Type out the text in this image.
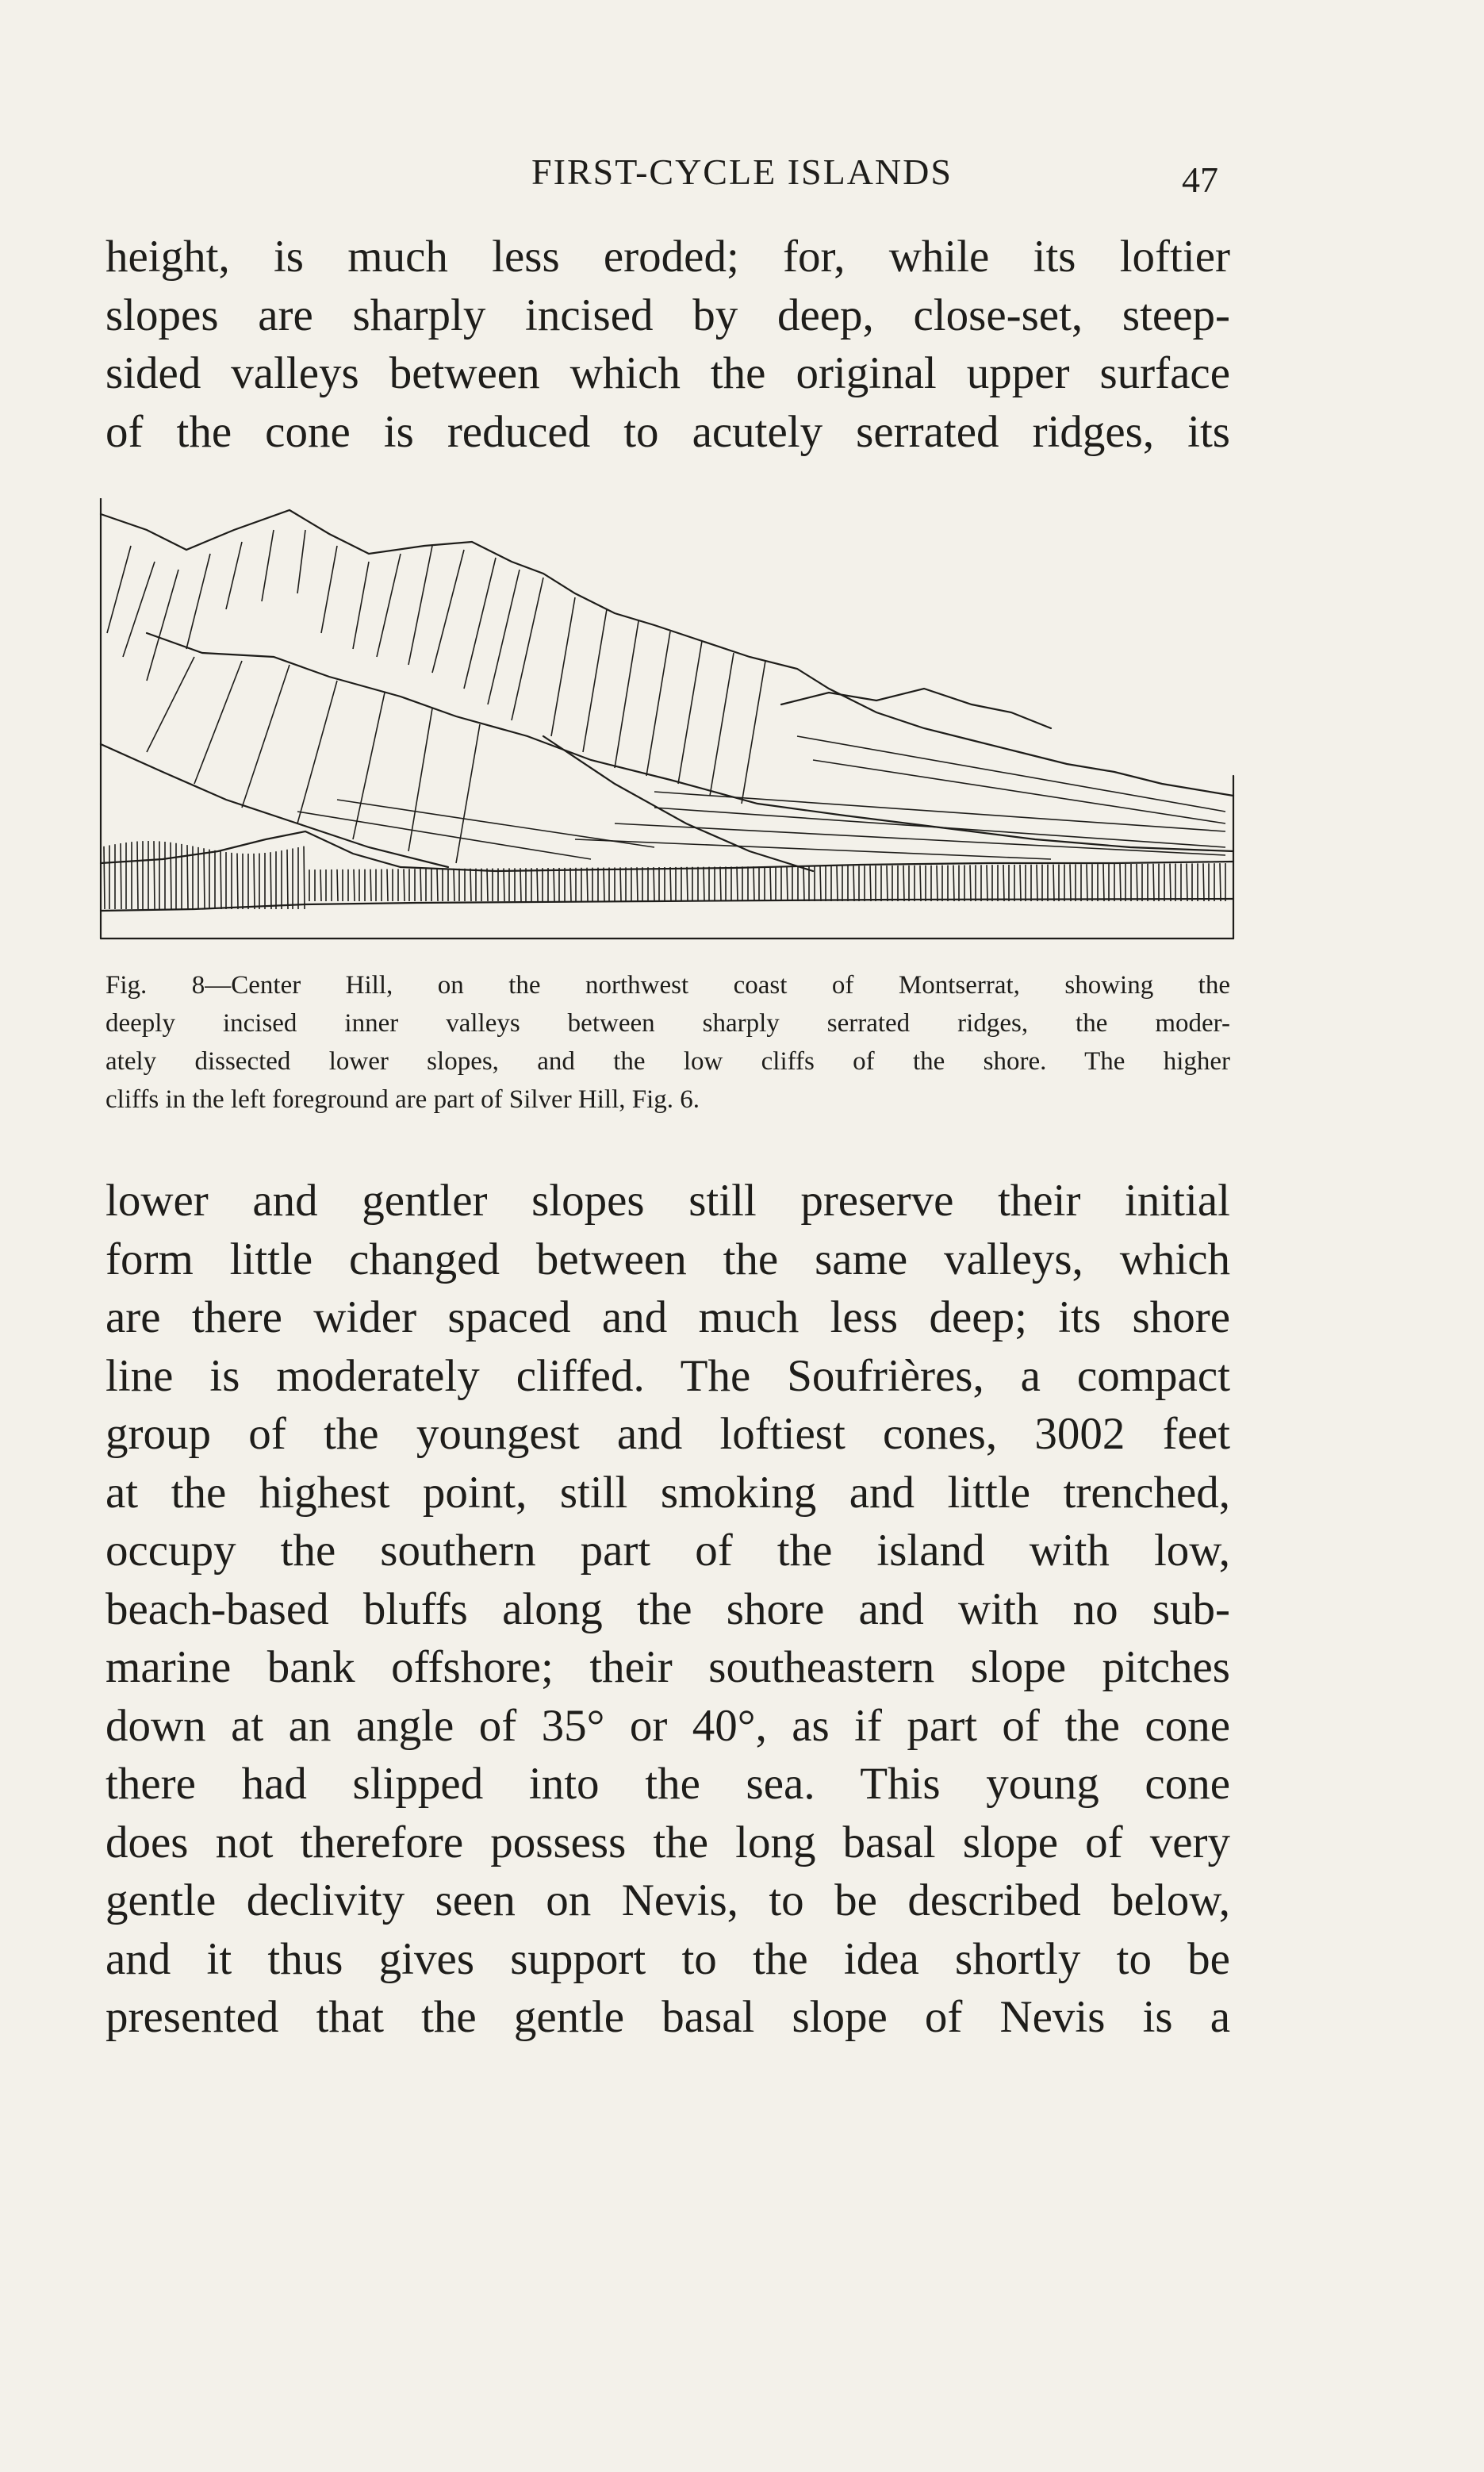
FIRST-CYCLE ISLANDS	47
height, is much less eroded; for, while its loftier
slopes are sharply incised by deep, close-set, steep-
sided valleys between which the original upper surface
of the cone is reduced to acutely serrated ridges, its
Fig. 8—Center Hill, on the northwest coast of Montserrat, showing the
deeply incised inner valleys between sharply serrated ridges, the moder-
ately dissected lower slopes, and the low cliffs of the shore. The higher
cliffs in the left foreground are part of Silver Hill, Fig. 6.
lower and gentler slopes still preserve their initial
form little changed between the same valleys, which
are there wider spaced and much less deep; its shore
line is moderately cliffed. The Soufrières, a compact
group of the youngest and loftiest cones, 3002 feet
at the highest point, still smoking and little trenched,
occupy the southern part of the island with low,
beach-based bluffs along the shore and with no sub-
marine bank offshore; their southeastern slope pitches
down at an angle of 35° or 40°, as if part of the cone
there had slipped into the sea. This young cone
does not therefore possess the long basal slope of very
gentle declivity seen on Nevis, to be described below,
and it thus gives support to the idea shortly to be
presented that the gentle basal slope of Nevis is a
